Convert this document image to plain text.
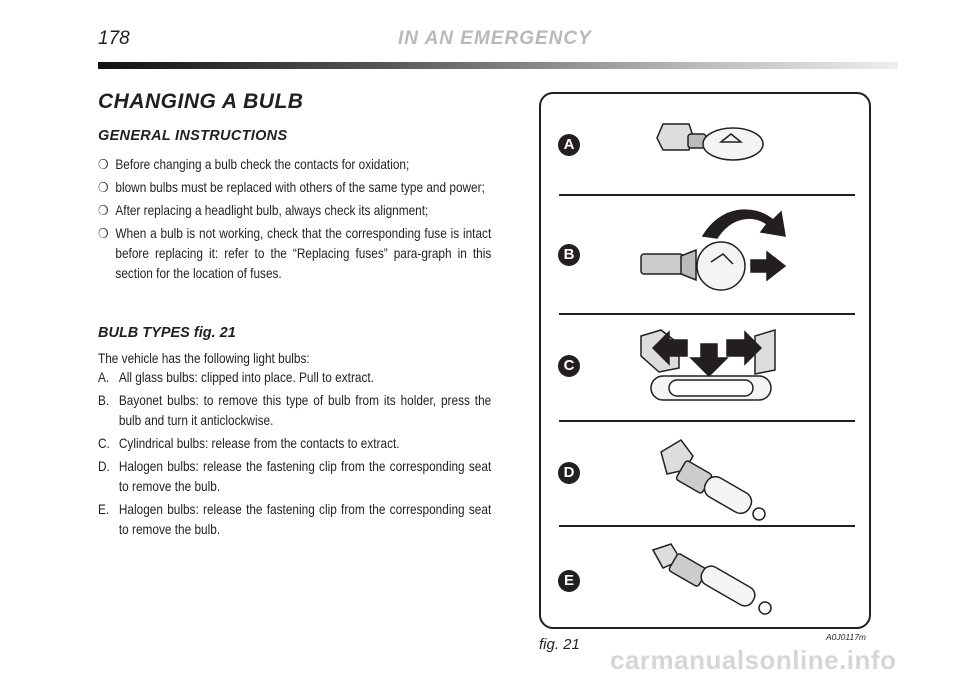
178	IN AN EMERGENCY
CHANGING A BULB
GENERAL INSTRUCTIONS
❍ Before changing a bulb check the contacts for oxidation;
❍ blown bulbs must be replaced with others of the same type and power;
❍ After replacing a headlight bulb, always check its alignment;
❍ When a bulb is not working, check that the corresponding fuse is intact before replacing it: refer to the “Replacing fuses” para-graph in this section for the location of fuses.
BULB TYPES fig. 21
The vehicle has the following light bulbs:
A. All glass bulbs: clipped into place. Pull to extract.
B. Bayonet bulbs: to remove this type of bulb from its holder, press the bulb and turn it anticlockwise.
C. Cylindrical bulbs: release from the contacts to extract.
D. Halogen bulbs: release the fastening clip from the corresponding seat to remove the bulb.
E. Halogen bulbs: release the fastening clip from the corresponding seat to remove the bulb.
A
B
C
D
E
fig. 21	A0J0117m
carmanualsonline.info
